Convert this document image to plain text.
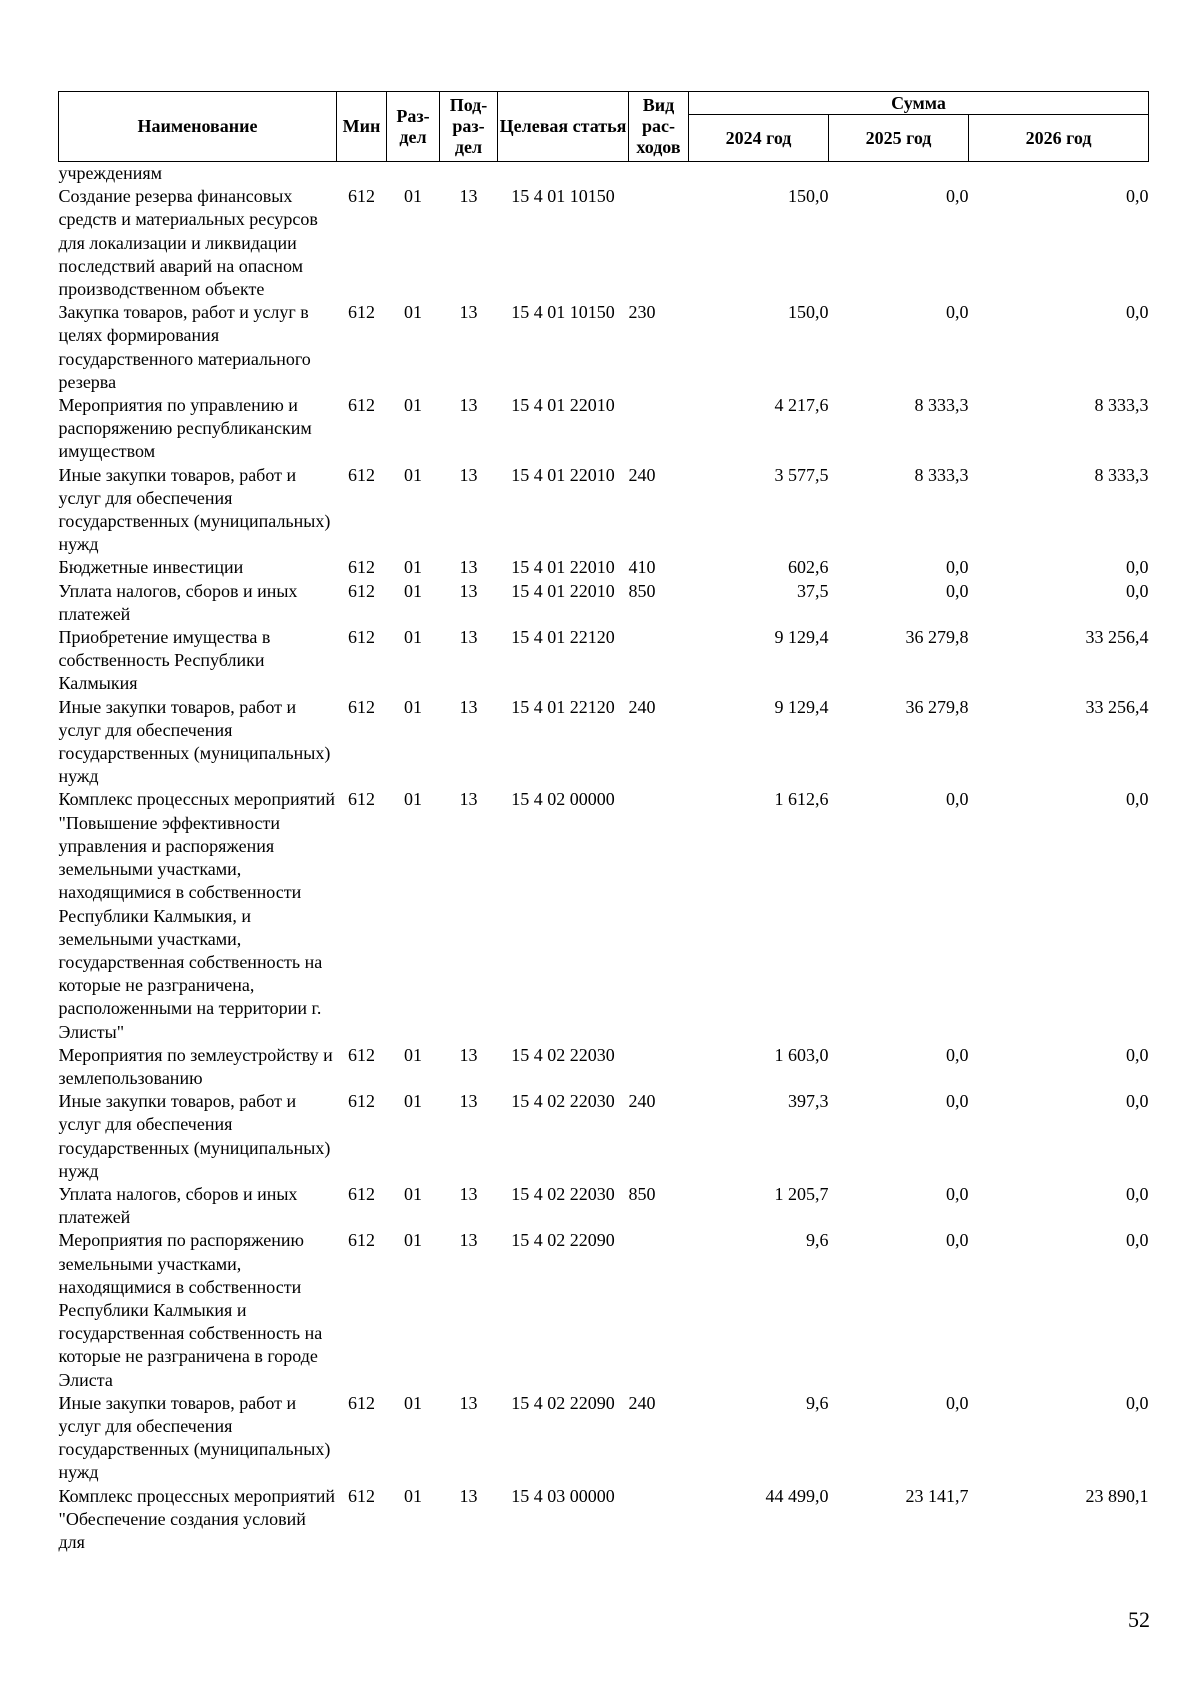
Наименование	Мин	Раз-дел	Под-раз-дел	Целевая статья	Вид рас-ходов	Сумма		
						2024 год	2025 год	2026 год
учреждениям								
Создание резерва финансовых средств и материальных ресурсов для локализации и ликвидации последствий аварий на опасном производственном объекте	612	01	13	15 4 01 10150		150,0	0,0	0,0
Закупка товаров, работ и услуг в целях формирования государственного материального резерва	612	01	13	15 4 01 10150	230	150,0	0,0	0,0
Мероприятия по управлению и распоряжению республиканским имуществом	612	01	13	15 4 01 22010		4 217,6	8 333,3	8 333,3
Иные закупки товаров, работ и услуг для обеспечения государственных (муниципальных) нужд	612	01	13	15 4 01 22010	240	3 577,5	8 333,3	8 333,3
Бюджетные инвестиции	612	01	13	15 4 01 22010	410	602,6	0,0	0,0
Уплата налогов, сборов и иных платежей	612	01	13	15 4 01 22010	850	37,5	0,0	0,0
Приобретение имущества в собственность Республики Калмыкия	612	01	13	15 4 01 22120		9 129,4	36 279,8	33 256,4
Иные закупки товаров, работ и услуг для обеспечения государственных (муниципальных) нужд	612	01	13	15 4 01 22120	240	9 129,4	36 279,8	33 256,4
Комплекс процессных мероприятий "Повышение эффективности управления и распоряжения земельными участками, находящимися в собственности Республики Калмыкия, и земельными участками, государственная собственность на которые не разграничена, расположенными на территории г. Элисты"	612	01	13	15 4 02 00000		1 612,6	0,0	0,0
Мероприятия по землеустройству и землепользованию	612	01	13	15 4 02 22030		1 603,0	0,0	0,0
Иные закупки товаров, работ и услуг для обеспечения государственных (муниципальных) нужд	612	01	13	15 4 02 22030	240	397,3	0,0	0,0
Уплата налогов, сборов и иных платежей	612	01	13	15 4 02 22030	850	1 205,7	0,0	0,0
Мероприятия по распоряжению земельными участками, находящимися в собственности Республики Калмыкия и государственная собственность на которые не разграничена в городе Элиста	612	01	13	15 4 02 22090		9,6	0,0	0,0
Иные закупки товаров, работ и услуг для обеспечения государственных (муниципальных) нужд	612	01	13	15 4 02 22090	240	9,6	0,0	0,0
Комплекс процессных мероприятий "Обеспечение создания условий для	612	01	13	15 4 03 00000		44 499,0	23 141,7	23 890,1
52
